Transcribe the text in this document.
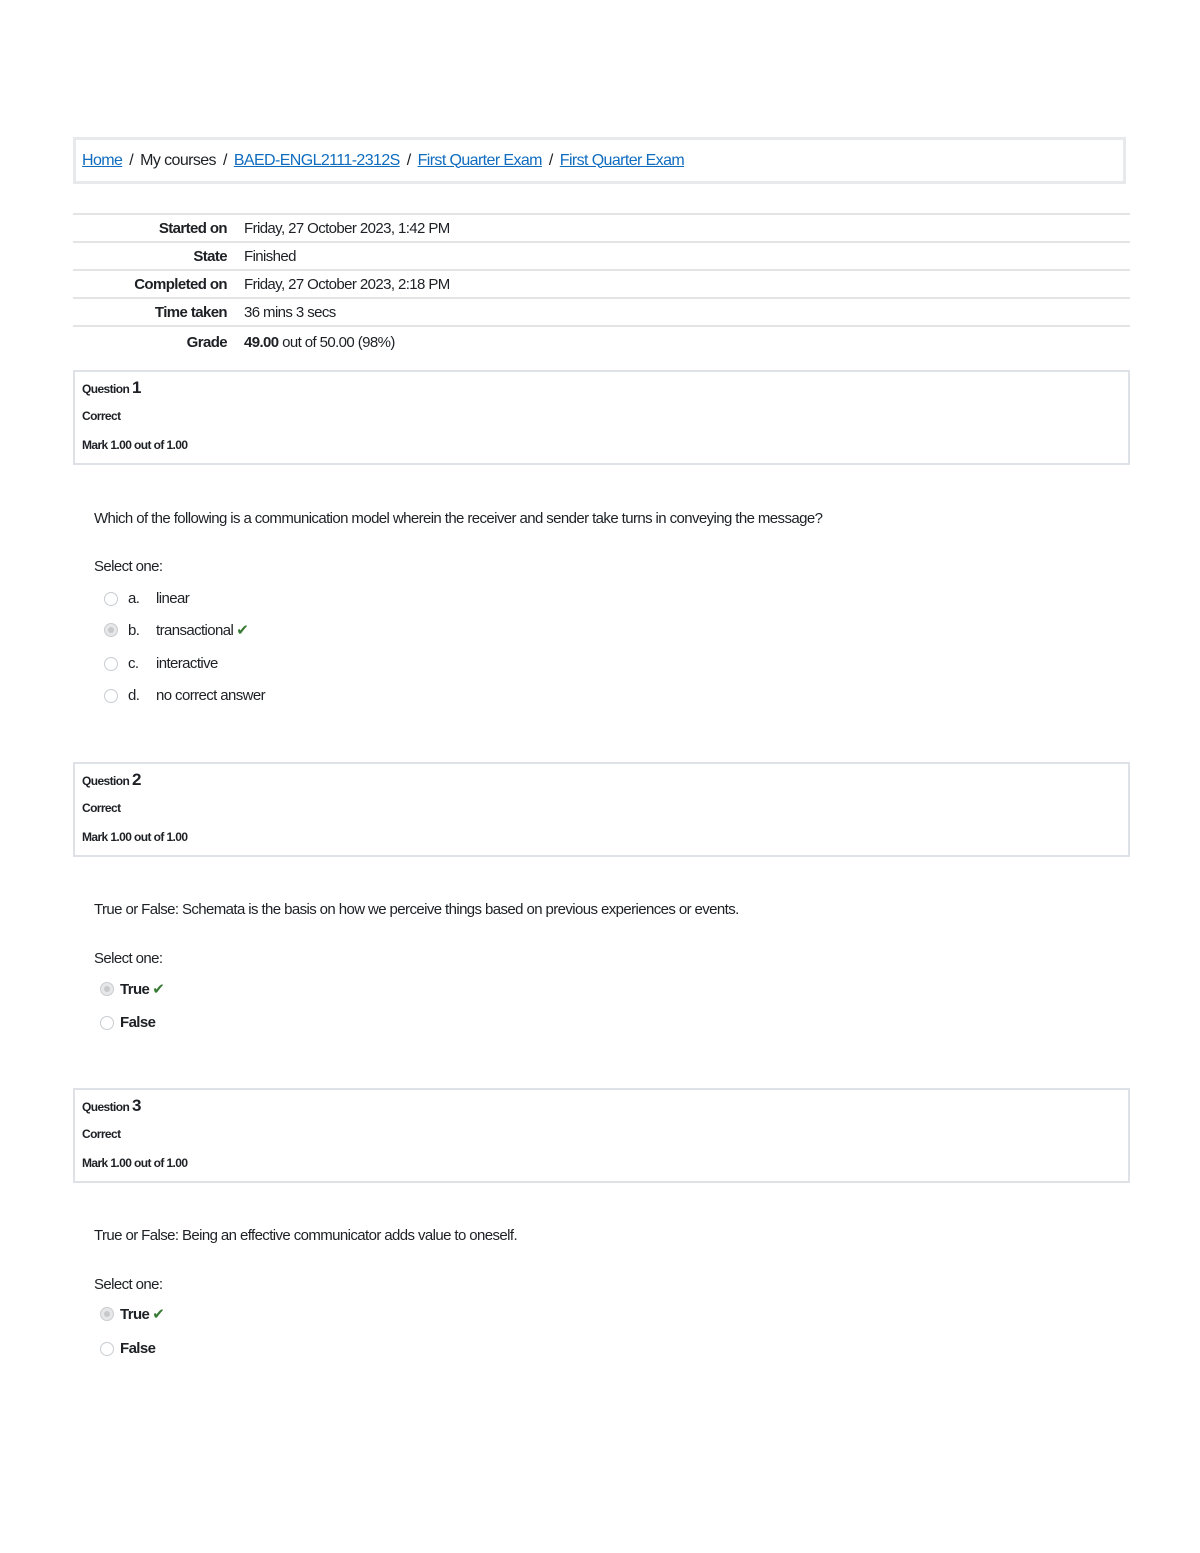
Home / My courses / BAED-ENGL2111-2312S / First Quarter Exam / First Quarter Exam
Started on	Friday, 27 October 2023, 1:42 PM
State	Finished
Completed on	Friday, 27 October 2023, 2:18 PM
Time taken	36 mins 3 secs
Grade	49.00 out of 50.00 (98%)
Question 1
Correct
Mark 1.00 out of 1.00
Which of the following is a communication model wherein the receiver and sender take turns in conveying the message?
Select one:
a.	linear
b.	transactional ✔
c.	interactive
d.	no correct answer
Question 2
Correct
Mark 1.00 out of 1.00
True or False: Schemata is the basis on how we perceive things based on previous experiences or events.
Select one:
True ✔
False
Question 3
Correct
Mark 1.00 out of 1.00
True or False: Being an effective communicator adds value to oneself.
Select one:
True ✔
False
